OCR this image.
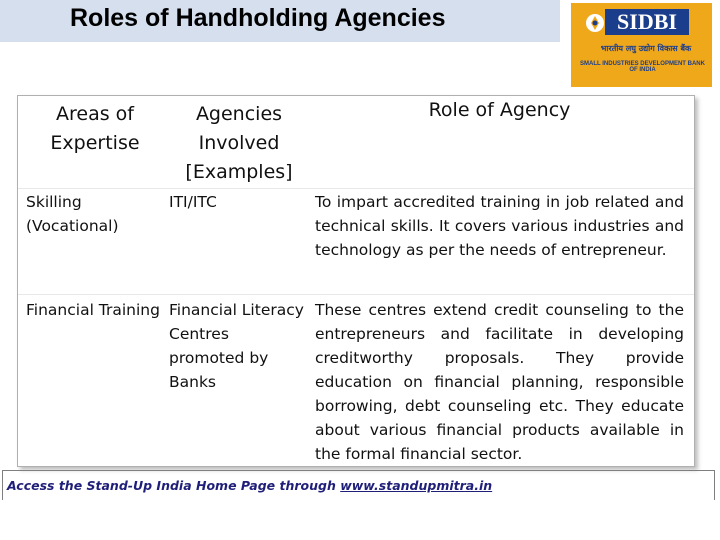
Roles of Handholding Agencies	SIDBI
भारतीय लघु उद्योग विकास बैंक
SMALL INDUSTRIES DEVELOPMENT BANK OF INDIA
Areas of Expertise	Agencies Involved [Examples]	Role of Agency
Skilling (Vocational)	ITI/ITC	To impart accredited training in job related and technical skills. It covers various industries and technology as per the needs of entrepreneur.
Financial Training	Financial Literacy Centres promoted by Banks	These centres extend credit counseling to the entrepreneurs and facilitate in developing creditworthy proposals. They provide education on financial planning, responsible borrowing, debt counseling etc. They educate about various financial products available in the formal financial sector.
Access the Stand-Up India Home Page through www.standupmitra.in
